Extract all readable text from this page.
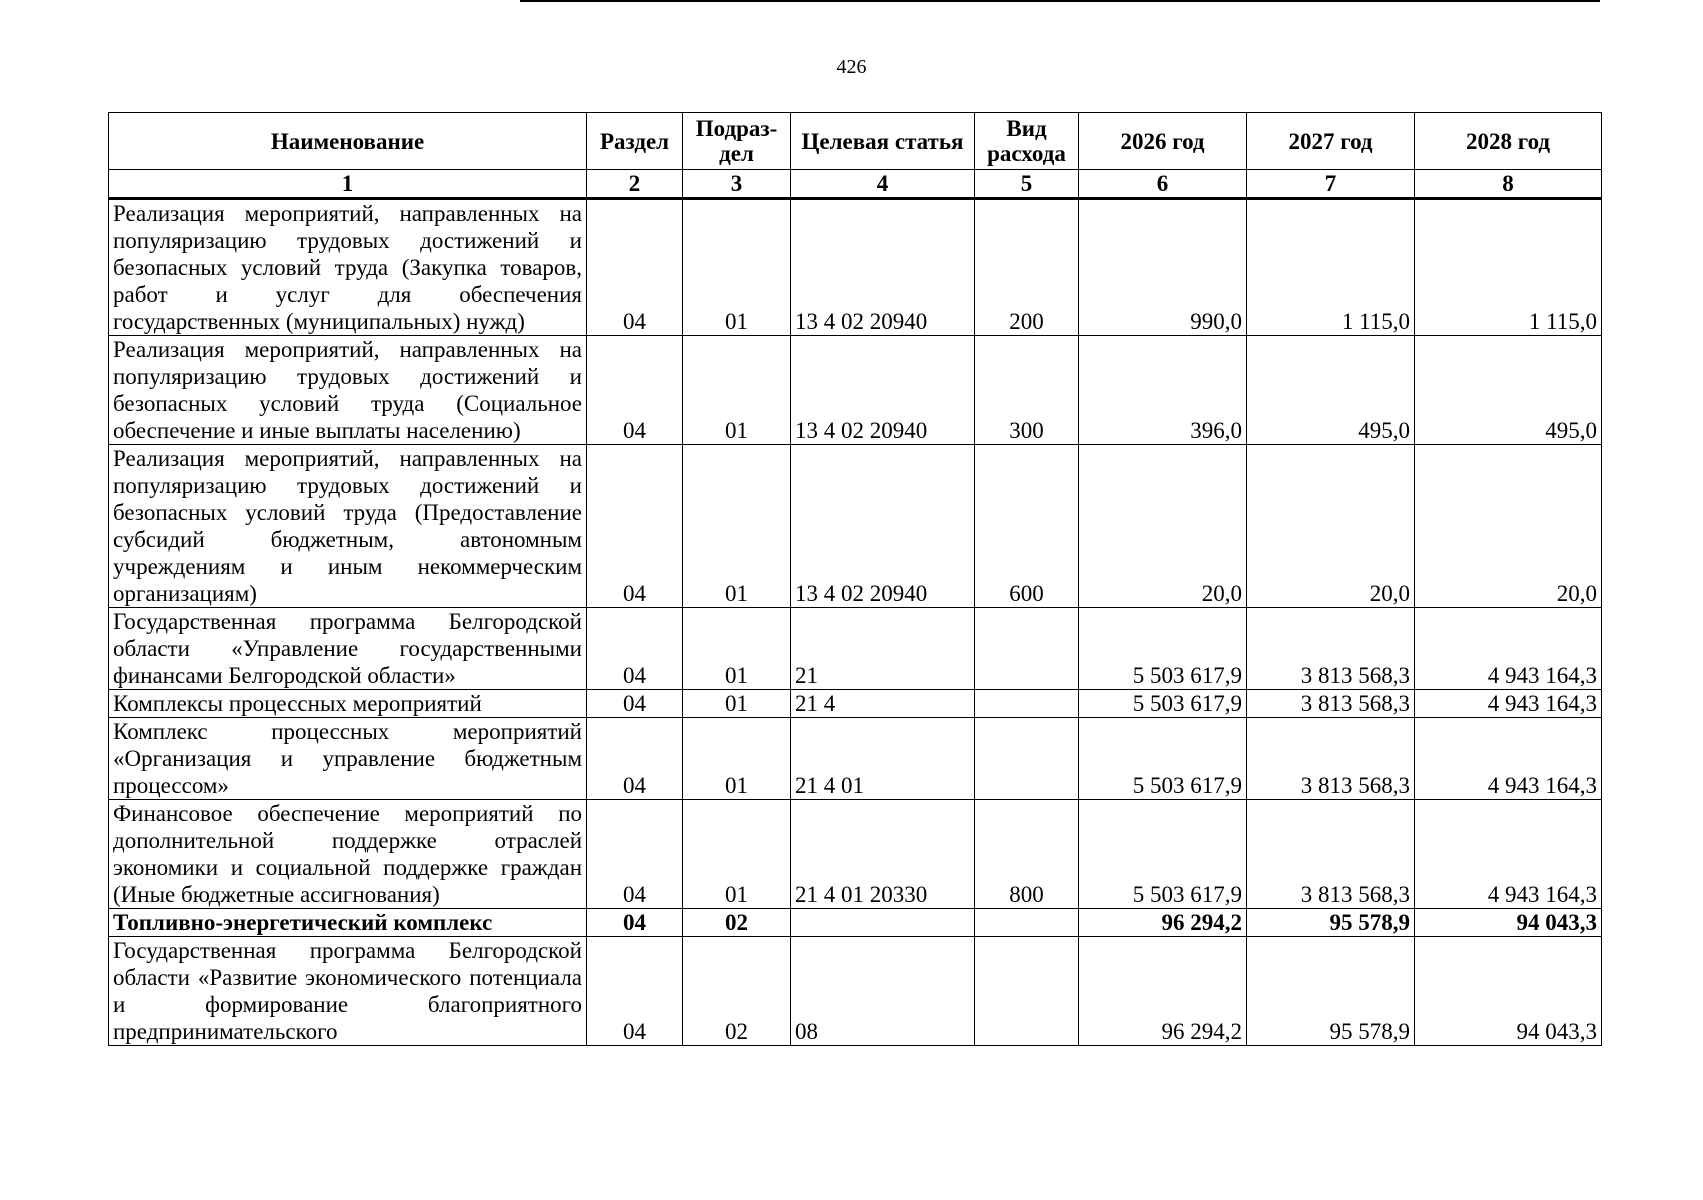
426
Наименование	Раздел	Подраз-дел	Целевая статья	Вид расхода	2026 год	2027 год	2028 год
1	2	3	4	5	6	7	8
Реализация мероприятий, направленных на популяризацию трудовых достижений и безопасных условий труда (Закупка товаров, работ и услуг для обеспечения государственных (муниципальных) нужд)	04	01	13 4 02 20940	200	990,0	1 115,0	1 115,0
Реализация мероприятий, направленных на популяризацию трудовых достижений и безопасных условий труда (Социальное обеспечение и иные выплаты населению)	04	01	13 4 02 20940	300	396,0	495,0	495,0
Реализация мероприятий, направленных на популяризацию трудовых достижений и безопасных условий труда (Предоставление субсидий бюджетным, автономным учреждениям и иным некоммерческим организациям)	04	01	13 4 02 20940	600	20,0	20,0	20,0
Государственная программа Белгородской области «Управление государственными финансами Белгородской области»	04	01	21		5 503 617,9	3 813 568,3	4 943 164,3
Комплексы процессных мероприятий	04	01	21 4		5 503 617,9	3 813 568,3	4 943 164,3
Комплекс процессных мероприятий «Организация и управление бюджетным процессом»	04	01	21 4 01		5 503 617,9	3 813 568,3	4 943 164,3
Финансовое обеспечение мероприятий по дополнительной поддержке отраслей экономики и социальной поддержке граждан (Иные бюджетные ассигнования)	04	01	21 4 01 20330	800	5 503 617,9	3 813 568,3	4 943 164,3
Топливно-энергетический комплекс	04	02			96 294,2	95 578,9	94 043,3
Государственная программа Белгородской области «Развитие экономического потенциала и формирование благоприятного предпринимательского	04	02	08		96 294,2	95 578,9	94 043,3
